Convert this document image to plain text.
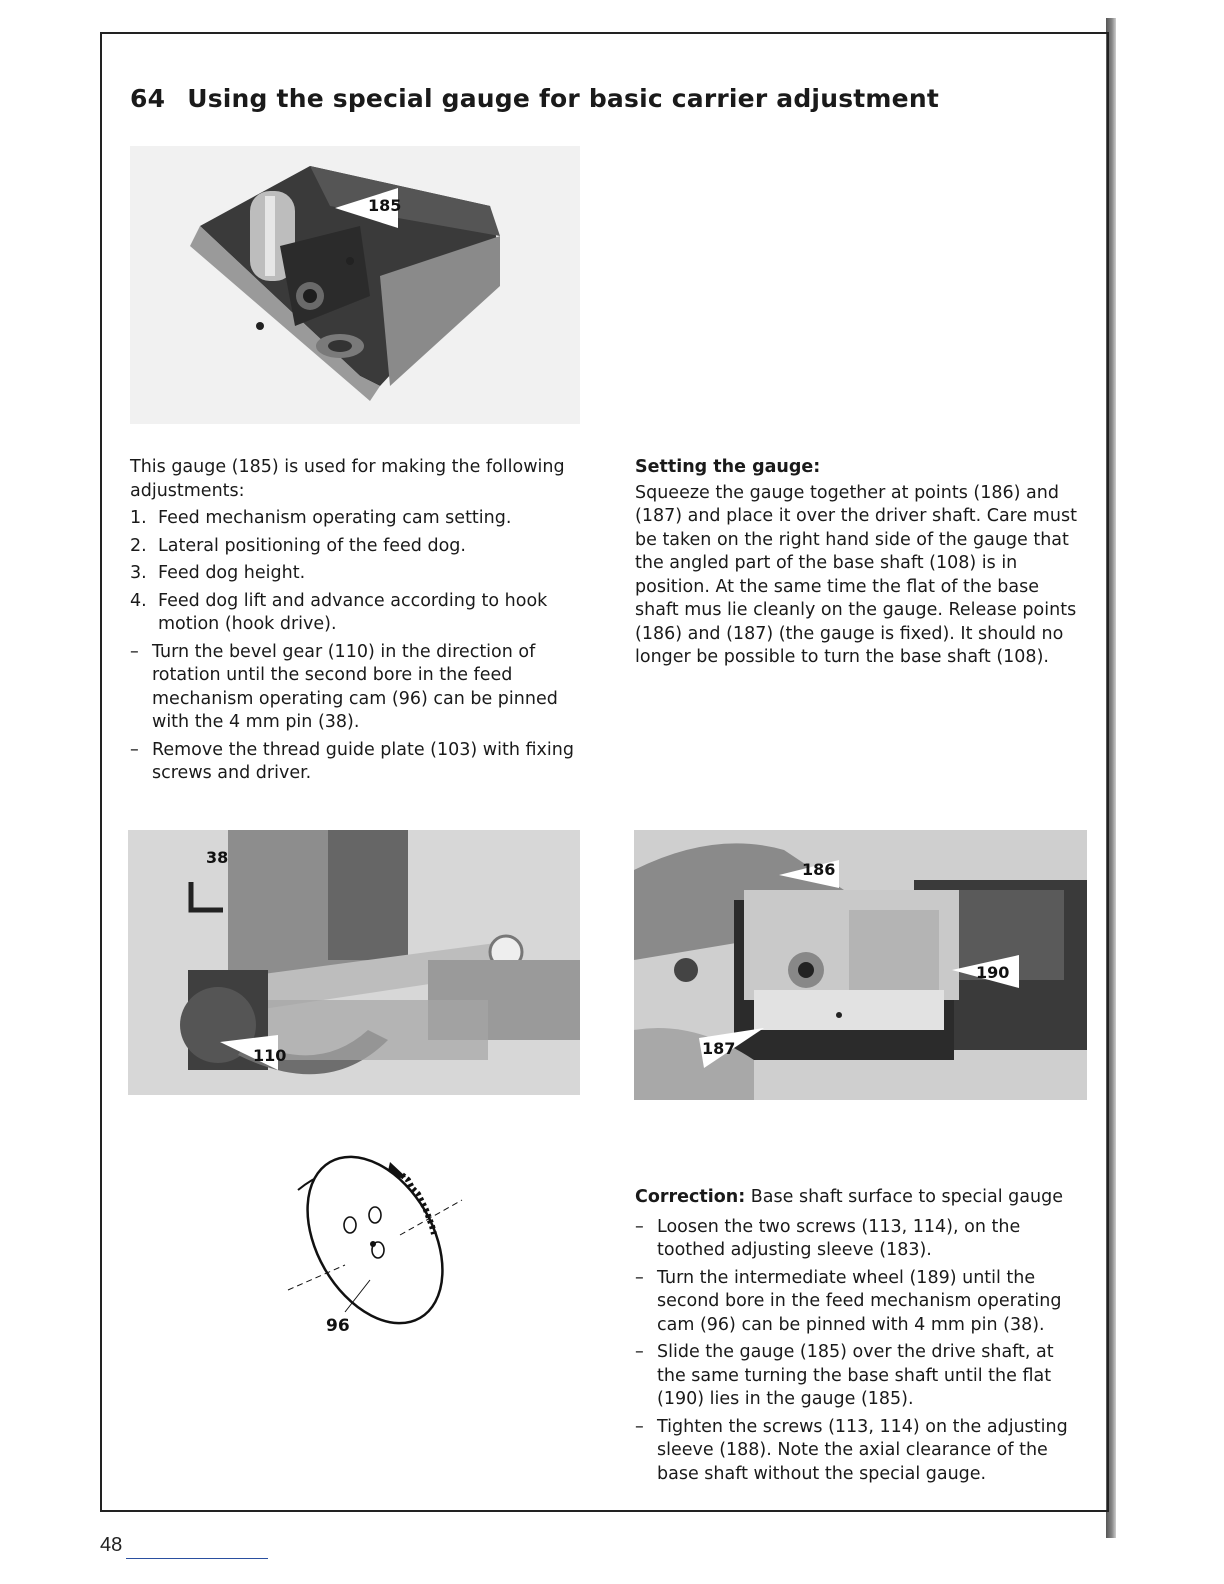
64 Using the special gauge for basic carrier adjustment
185

This gauge (185) is used for making the following adjustments:

1. Feed mechanism operating cam setting.
2. Lateral positioning of the feed dog.
3. Feed dog height.
4. Feed dog lift and advance according to hook motion (hook drive).
– Turn the bevel gear (110) in the direction of rotation until the second bore in the feed mechanism operating cam (96) can be pinned with the 4 mm pin (38).
– Remove the thread guide plate (103) with fixing screws and driver.

Setting the gauge:

Squeeze the gauge together at points (186) and (187) and place it over the driver shaft. Care must be taken on the right hand side of the gauge that the angled part of the base shaft (108) is in position. At the same time the flat of the base shaft mus lie cleanly on the gauge. Release points (186) and (187) (the gauge is fixed). It should no longer be possible to turn the base shaft (108).

38
110
186
190
187
96

Correction: Base shaft surface to special gauge

– Loosen the two screws (113, 114), on the toothed adjusting sleeve (183).
– Turn the intermediate wheel (189) until the second bore in the feed mechanism operating cam (96) can be pinned with 4 mm pin (38).
– Slide the gauge (185) over the drive shaft, at the same turning the base shaft until the flat (190) lies in the gauge (185).
– Tighten the screws (113, 114) on the adjusting sleeve (188). Note the axial clearance of the base shaft without the special gauge.
48
